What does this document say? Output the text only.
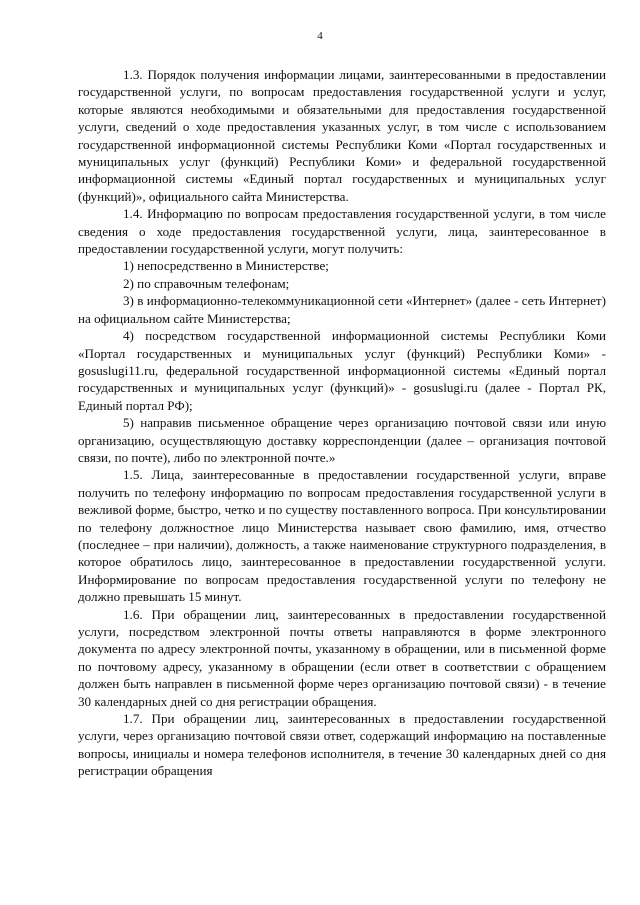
4

1.3. Порядок получения информации лицами, заинтересованными в предоставлении государственной услуги, по вопросам предоставления государственной услуги и услуг, которые являются необходимыми и обязательными для предоставления государственной услуги, сведений о ходе предоставления указанных услуг, в том числе с использованием государственной информационной системы Республики Коми «Портал государственных и муниципальных услуг (функций) Республики Коми» и федеральной государственной информационной системы «Единый портал государственных и муниципальных услуг (функций)», официального сайта Министерства.

1.4. Информацию по вопросам предоставления государственной услуги, в том числе сведения о ходе предоставления государственной услуги, лица, заинтересованное в предоставлении государственной услуги, могут получить:

1) непосредственно в Министерстве;

2) по справочным телефонам;

3) в информационно-телекоммуникационной сети «Интернет» (далее - сеть Интернет) на официальном сайте Министерства;

4) посредством государственной информационной системы Республики Коми «Портал государственных и муниципальных услуг (функций) Республики Коми» - gosuslugi11.ru, федеральной государственной информационной системы «Единый портал государственных и муниципальных услуг (функций)» - gosuslugi.ru (далее - Портал РК, Единый портал РФ);

5) направив письменное обращение через организацию почтовой связи или иную организацию, осуществляющую доставку корреспонденции (далее – организация почтовой связи, по почте), либо по электронной почте.»

1.5. Лица, заинтересованные в предоставлении государственной услуги, вправе получить по телефону информацию по вопросам предоставления государственной услуги в вежливой форме, быстро, четко и по существу поставленного вопроса. При консультировании по телефону должностное лицо Министерства называет свою фамилию, имя, отчество (последнее – при наличии), должность, а также наименование структурного подразделения, в которое обратилось лицо, заинтересованное в предоставлении государственной услуги. Информирование по вопросам предоставления государственной услуги по телефону не должно превышать 15 минут.

1.6. При обращении лиц, заинтересованных в предоставлении государственной услуги, посредством электронной почты ответы направляются в форме электронного документа по адресу электронной почты, указанному в обращении, или в письменной форме по почтовому адресу, указанному в обращении (если ответ в соответствии с обращением должен быть направлен в письменной форме через организацию почтовой связи) - в течение 30 календарных дней со дня регистрации обращения.

1.7. При обращении лиц, заинтересованных в предоставлении государственной услуги, через организацию почтовой связи ответ, содержащий информацию на поставленные вопросы, инициалы и номера телефонов исполнителя, в течение 30 календарных дней со дня регистрации обращения
